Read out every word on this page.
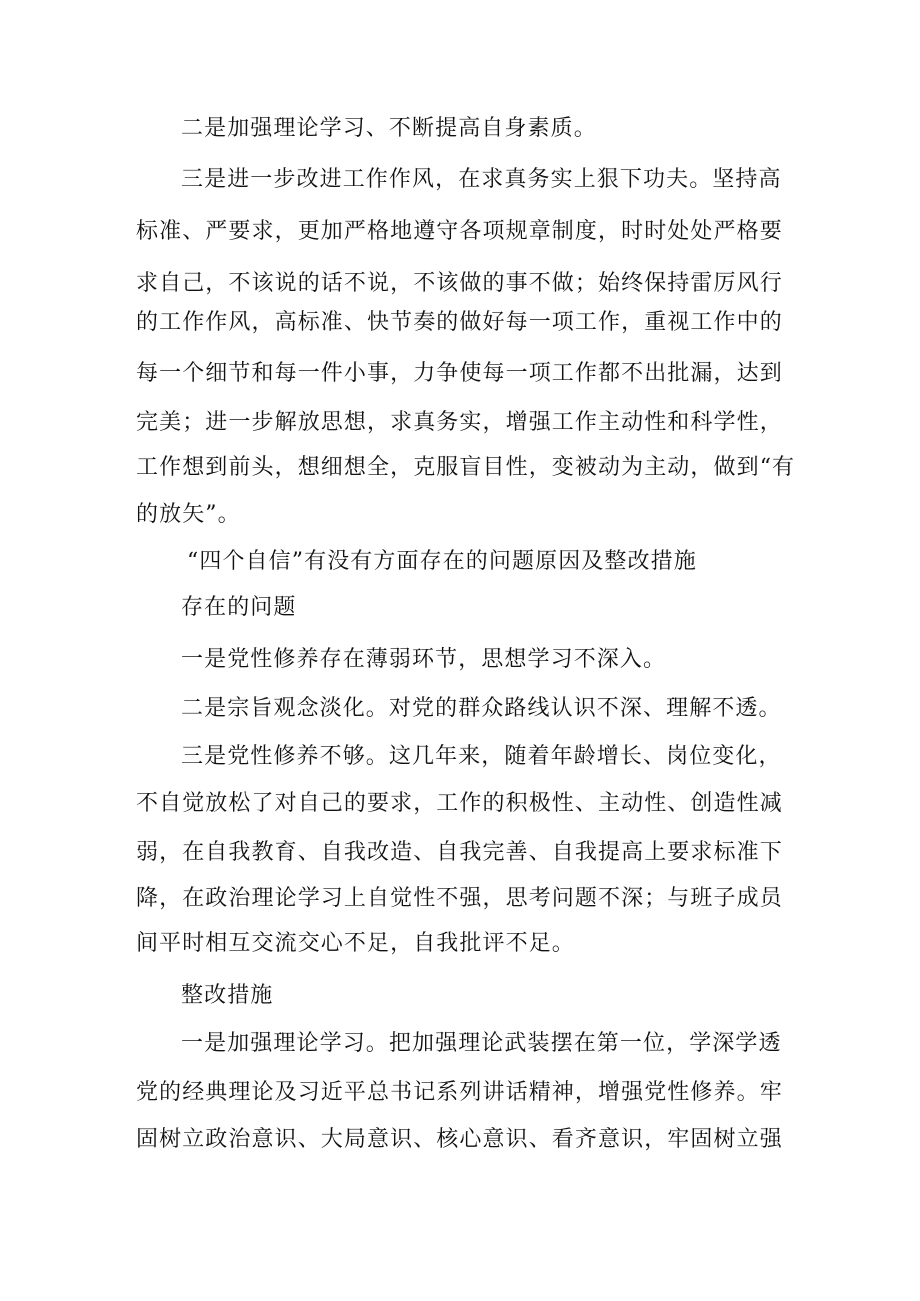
二是加强理论学习、不断提高自身素质。
三是进一步改进工作作风，在求真务实上狠下功夫。坚持高
标准、严要求，更加严格地遵守各项规章制度，时时处处严格要
求自己，不该说的话不说，不该做的事不做；始终保持雷厉风行
的工作作风，高标准、快节奏的做好每一项工作，重视工作中的
每一个细节和每一件小事，力争使每一项工作都不出批漏，达到
完美；进一步解放思想，求真务实，增强工作主动性和科学性，
工作想到前头，想细想全，克服盲目性，变被动为主动，做到“有
的放矢”。
“四个自信”有没有方面存在的问题原因及整改措施
存在的问题
一是党性修养存在薄弱环节，思想学习不深入。
二是宗旨观念淡化。对党的群众路线认识不深、理解不透。
三是党性修养不够。这几年来，随着年龄增长、岗位变化，
不自觉放松了对自己的要求，工作的积极性、主动性、创造性减
弱，在自我教育、自我改造、自我完善、自我提高上要求标准下
降，在政治理论学习上自觉性不强，思考问题不深；与班子成员
间平时相互交流交心不足，自我批评不足。
整改措施
一是加强理论学习。把加强理论武装摆在第一位，学深学透
党的经典理论及习近平总书记系列讲话精神，增强党性修养。牢
固树立政治意识、大局意识、核心意识、看齐意识，牢固树立强
